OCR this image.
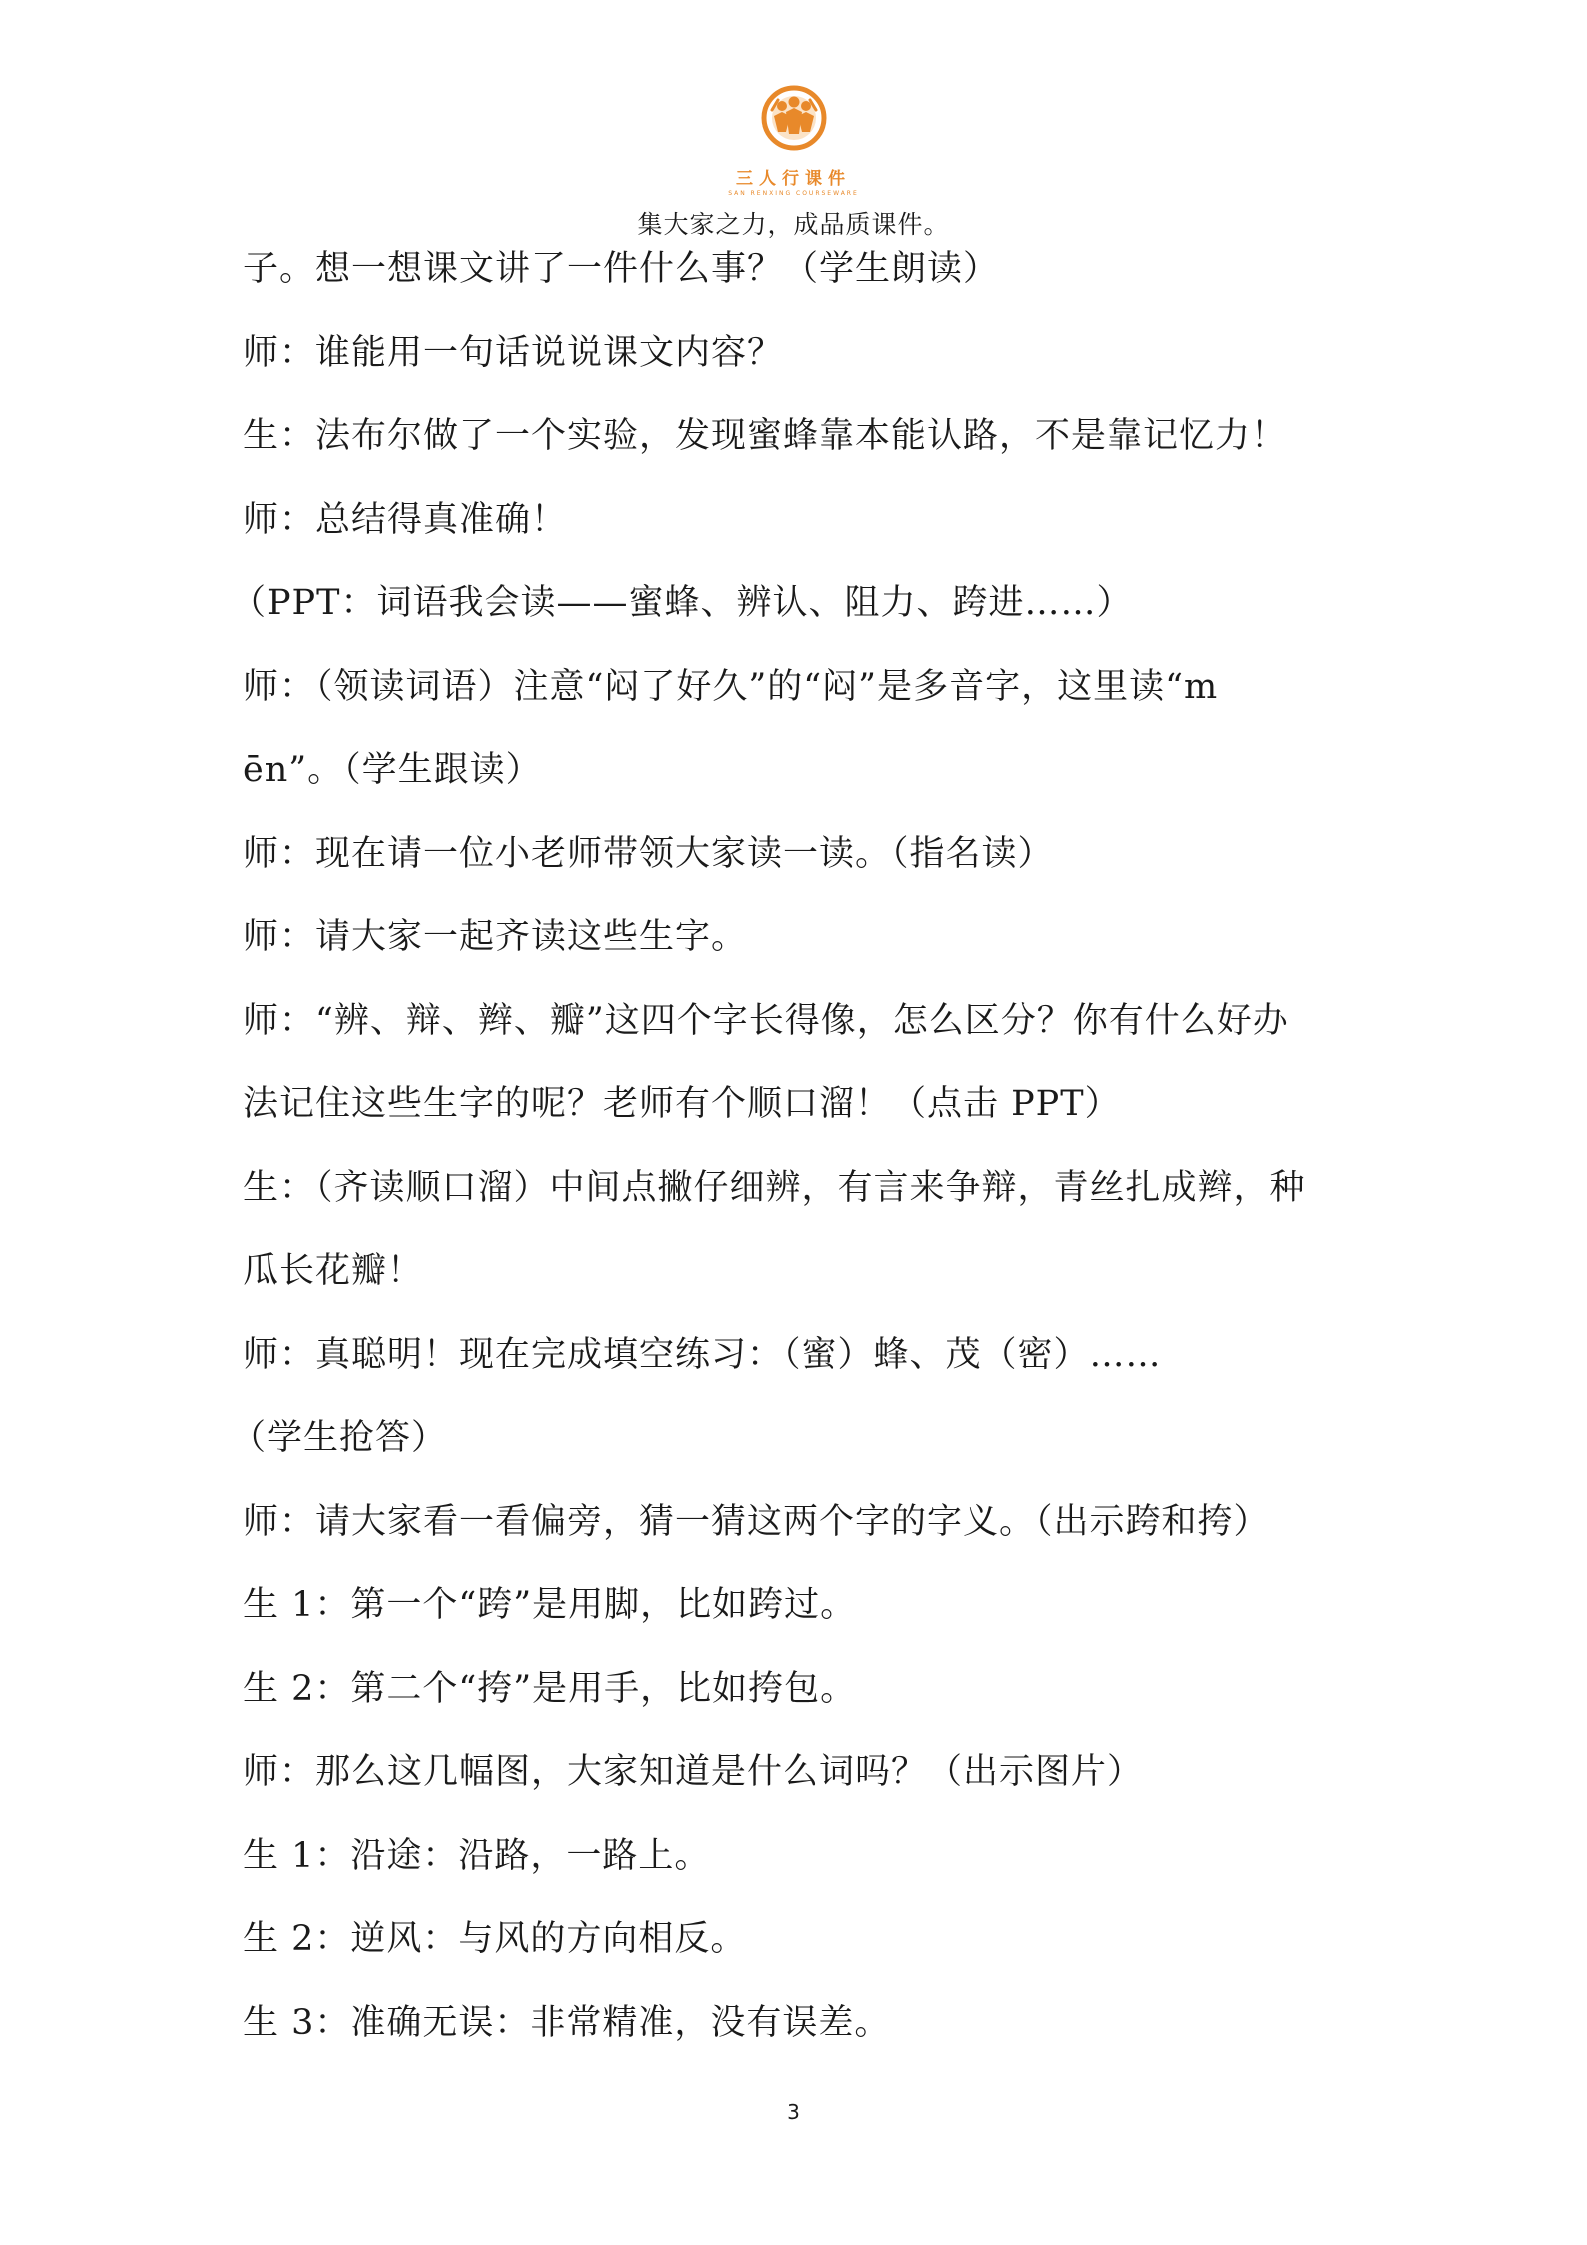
三人行课件
SAN RENXING COURSEWARE
集大家之力，成品质课件。

子。想一想课文讲了一件什么事？（学生朗读）

师：谁能用一句话说说课文内容？

生：法布尔做了一个实验，发现蜜蜂靠本能认路，不是靠记忆力！

师：总结得真准确！

（PPT：词语我会读——蜜蜂、辨认、阻力、跨进……）

师：（领读词语）注意“闷了好久”的“闷”是多音字，这里读“m

ēn”。（学生跟读）

师：现在请一位小老师带领大家读一读。（指名读）

师：请大家一起齐读这些生字。

师：“辨、辩、辫、瓣”这四个字长得像，怎么区分？你有什么好办

法记住这些生字的呢？老师有个顺口溜！（点击 PPT）

生：（齐读顺口溜）中间点撇仔细辨，有言来争辩，青丝扎成辫，种

瓜长花瓣！

师：真聪明！现在完成填空练习：（蜜）蜂、茂（密）……

（学生抢答）

师：请大家看一看偏旁，猜一猜这两个字的字义。（出示跨和挎）

生 1：第一个“跨”是用脚，比如跨过。

生 2：第二个“挎”是用手，比如挎包。

师：那么这几幅图，大家知道是什么词吗？（出示图片）

生 1：沿途：沿路，一路上。

生 2：逆风：与风的方向相反。

生 3：准确无误：非常精准，没有误差。

3
